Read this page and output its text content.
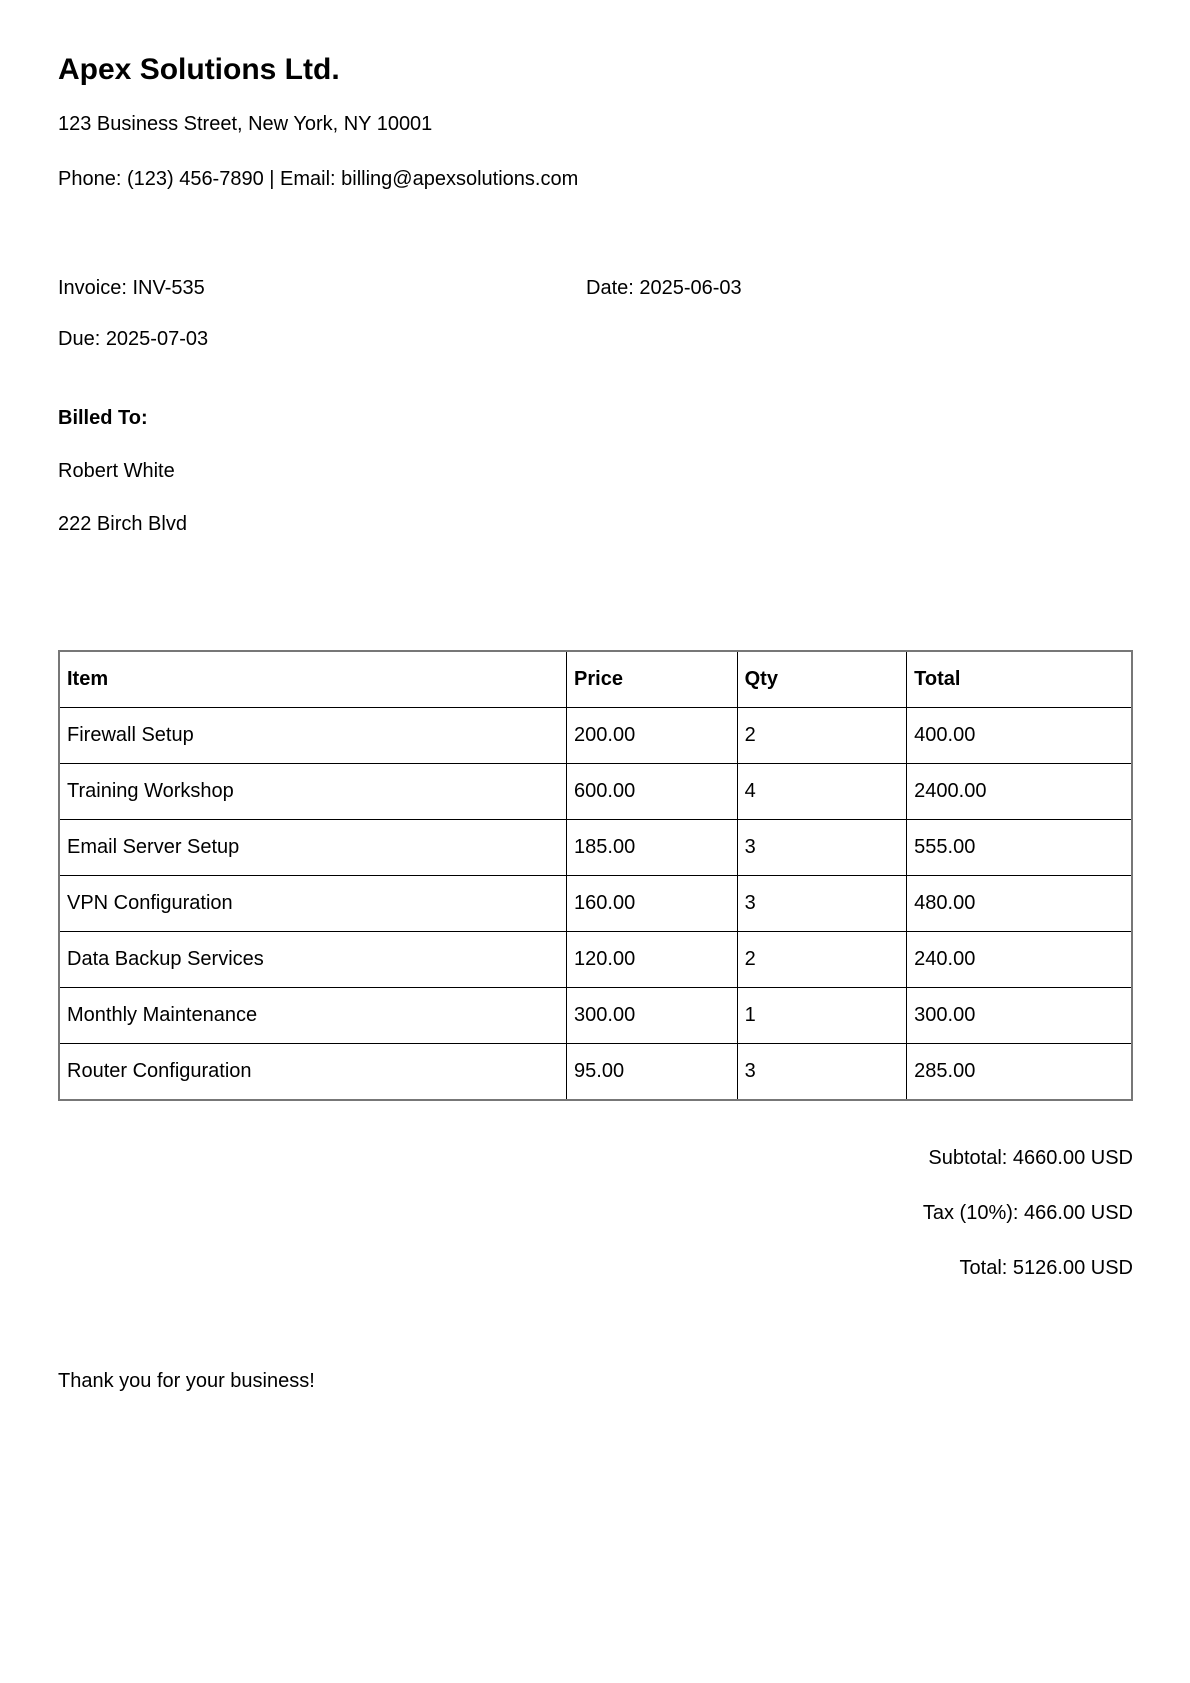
Apex Solutions Ltd.

123 Business Street, New York, NY 10001

Phone: (123) 456-7890 | Email: billing@apexsolutions.com

Invoice: INV-535	Date: 2025-06-03

Due: 2025-07-03

Billed To:

Robert White

222 Birch Blvd

Item	Price	Qty	Total
Firewall Setup	200.00	2	400.00
Training Workshop	600.00	4	2400.00
Email Server Setup	185.00	3	555.00
VPN Configuration	160.00	3	480.00
Data Backup Services	120.00	2	240.00
Monthly Maintenance	300.00	1	300.00
Router Configuration	95.00	3	285.00

Subtotal: 4660.00 USD

Tax (10%): 466.00 USD

Total: 5126.00 USD

Thank you for your business!
